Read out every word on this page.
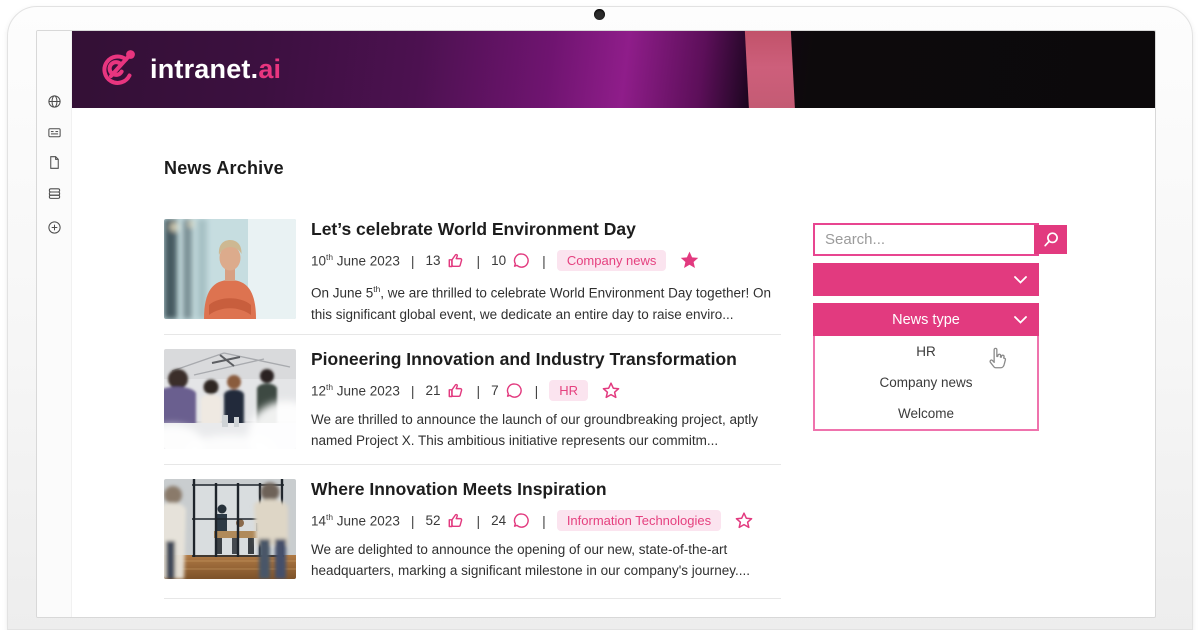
intranet.ai
News Archive
Let’s celebrate World Environment Day
10th June 2023 | 13	| 10	|	Company news
On June 5th, we are thrilled to celebrate World Environment Day together! On this significant global event, we dedicate an entire day to raise enviro...
Pioneering Innovation and Industry Transformation
12th June 2023 | 21	| 7	|	HR
We are thrilled to announce the launch of our groundbreaking project, aptly named Project X. This ambitious initiative represents our commitm...
Where Innovation Meets Inspiration
14th June 2023 | 52	| 24	|	Information Technologies
We are delighted to announce the opening of our new, state-of-the-art headquarters, marking a significant milestone in our company's journey....
Search...
News type
HR
Company news
Welcome
